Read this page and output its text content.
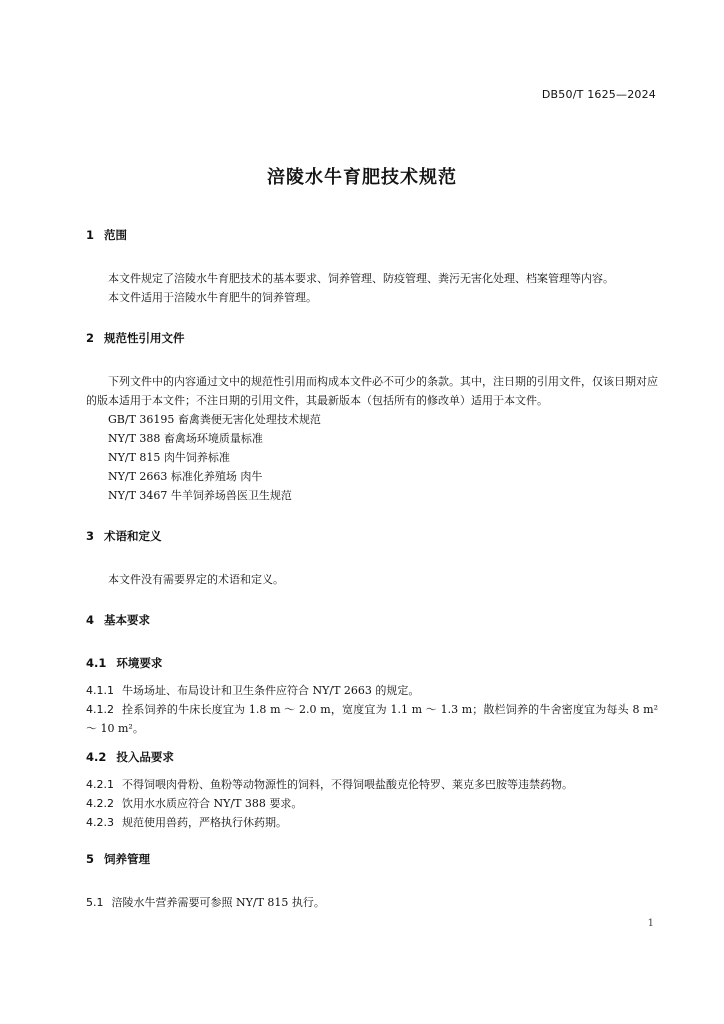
DB50/T 1625—2024
涪陵水牛育肥技术规范
1 范围

本文件规定了涪陵水牛育肥技术的基本要求、饲养管理、防疫管理、粪污无害化处理、档案管理等内容。

本文件适用于涪陵水牛育肥牛的饲养管理。

2 规范性引用文件

下列文件中的内容通过文中的规范性引用而构成本文件必不可少的条款。其中，注日期的引用文件，仅该日期对应的版本适用于本文件；不注日期的引用文件，其最新版本（包括所有的修改单）适用于本文件。

GB/T 36195 畜禽粪便无害化处理技术规范

NY/T 388 畜禽场环境质量标准

NY/T 815 肉牛饲养标准

NY/T 2663 标准化养殖场 肉牛

NY/T 3467 牛羊饲养场兽医卫生规范

3 术语和定义

本文件没有需要界定的术语和定义。

4 基本要求
4.1 环境要求

4.1.1 牛场场址、布局设计和卫生条件应符合 NY/T 2663 的规定。

4.1.2 拴系饲养的牛床长度宜为 1.8 m ～ 2.0 m，宽度宜为 1.1 m ～ 1.3 m；散栏饲养的牛舍密度宜为每头 8 m² ～ 10 m²。

4.2 投入品要求

4.2.1 不得饲喂肉骨粉、鱼粉等动物源性的饲料，不得饲喂盐酸克伦特罗、莱克多巴胺等违禁药物。

4.2.2 饮用水水质应符合 NY/T 388 要求。

4.2.3 规范使用兽药，严格执行休药期。

5 饲养管理

5.1 涪陵水牛营养需要可参照 NY/T 815 执行。

1
